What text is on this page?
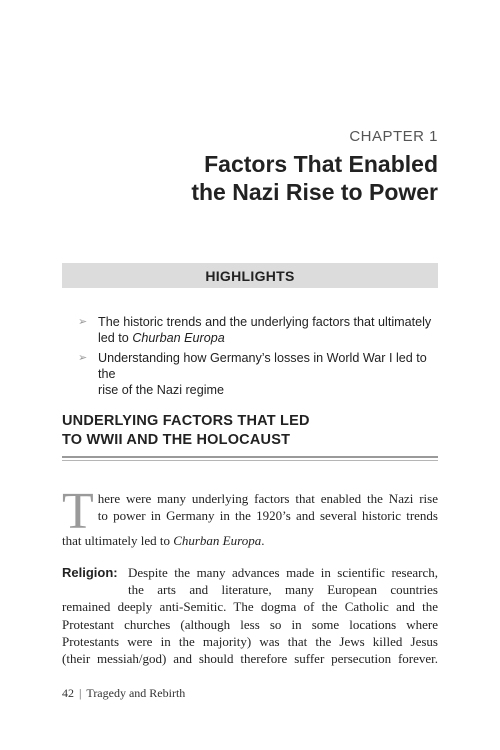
CHAPTER 1
Factors That Enabled
the Nazi Rise to Power
HIGHLIGHTS
➢ The historic trends and the underlying factors that ultimately
led to Churban Europa
➢ Understanding how Germany’s losses in World War I led to the
rise of the Nazi regime
UNDERLYING FACTORS THAT LED
TO WWII AND THE HOLOCAUST
T here were many underlying factors that enabled the Nazi rise
to power in Germany in the 1920’s and several historic trends
that ultimately led to Churban Europa.
Religion: Despite the many advances made in scientific research,
the arts and literature, many European countries
remained deeply anti-Semitic. The dogma of the Catholic and the
Protestant churches (although less so in some locations where
Protestants were in the majority) was that the Jews killed Jesus
(their messiah/god) and should therefore suffer persecution forever.
42 | Tragedy and Rebirth
